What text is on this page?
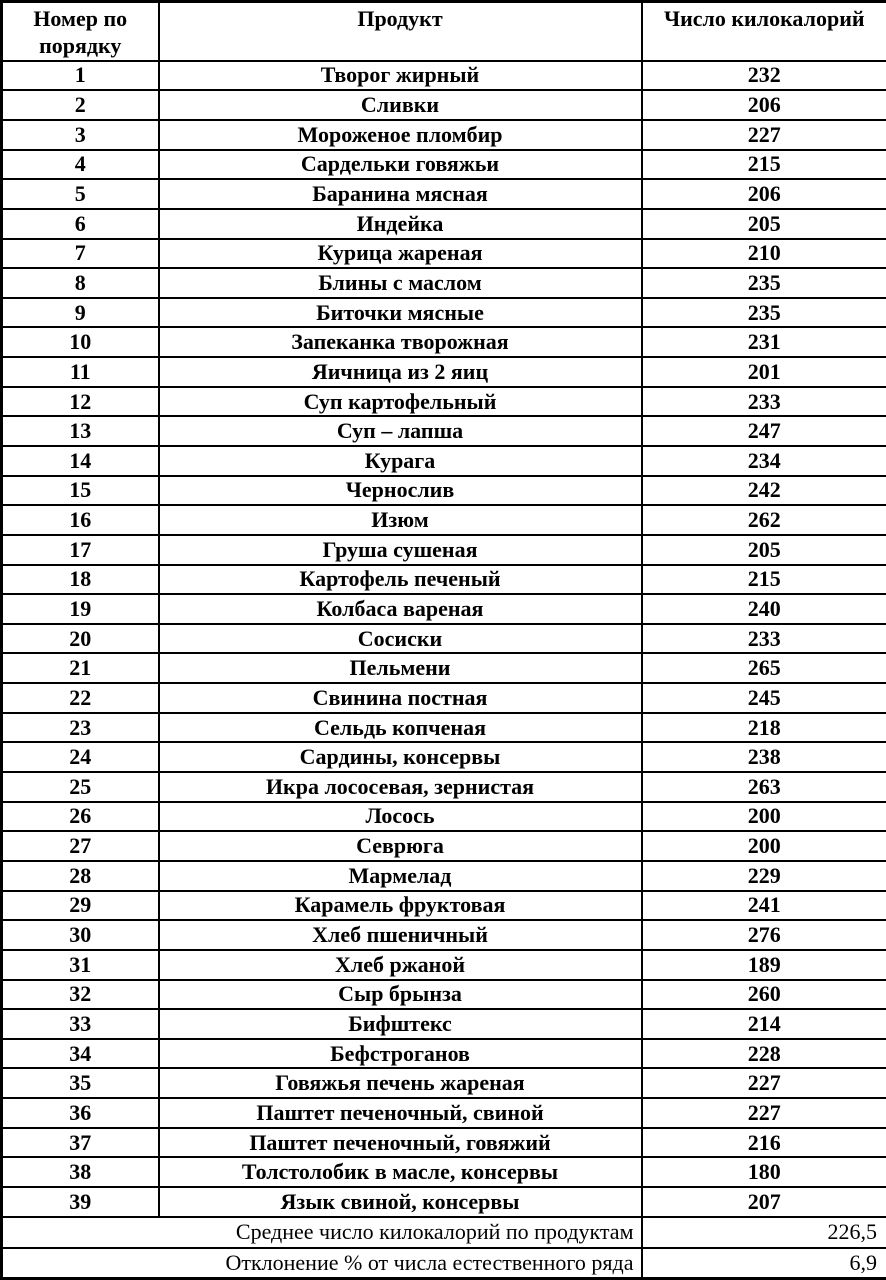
Номер по порядку	Продукт	Число килокалорий
1	Творог жирный	232
2	Сливки	206
3	Мороженое пломбир	227
4	Сардельки говяжьи	215
5	Баранина мясная	206
6	Индейка	205
7	Курица жареная	210
8	Блины с маслом	235
9	Биточки мясные	235
10	Запеканка творожная	231
11	Яичница из 2 яиц	201
12	Суп картофельный	233
13	Суп – лапша	247
14	Курага	234
15	Чернослив	242
16	Изюм	262
17	Груша сушеная	205
18	Картофель печеный	215
19	Колбаса вареная	240
20	Сосиски	233
21	Пельмени	265
22	Свинина постная	245
23	Сельдь копченая	218
24	Сардины, консервы	238
25	Икра лососевая, зернистая	263
26	Лосось	200
27	Севрюга	200
28	Мармелад	229
29	Карамель фруктовая	241
30	Хлеб пшеничный	276
31	Хлеб ржаной	189
32	Сыр брынза	260
33	Бифштекс	214
34	Бефстроганов	228
35	Говяжья печень жареная	227
36	Паштет печеночный, свиной	227
37	Паштет печеночный, говяжий	216
38	Толстолобик в масле, консервы	180
39	Язык свиной, консервы	207
Среднее число килокалорий по продуктам		226,5
Отклонение % от числа естественного ряда		6,9
